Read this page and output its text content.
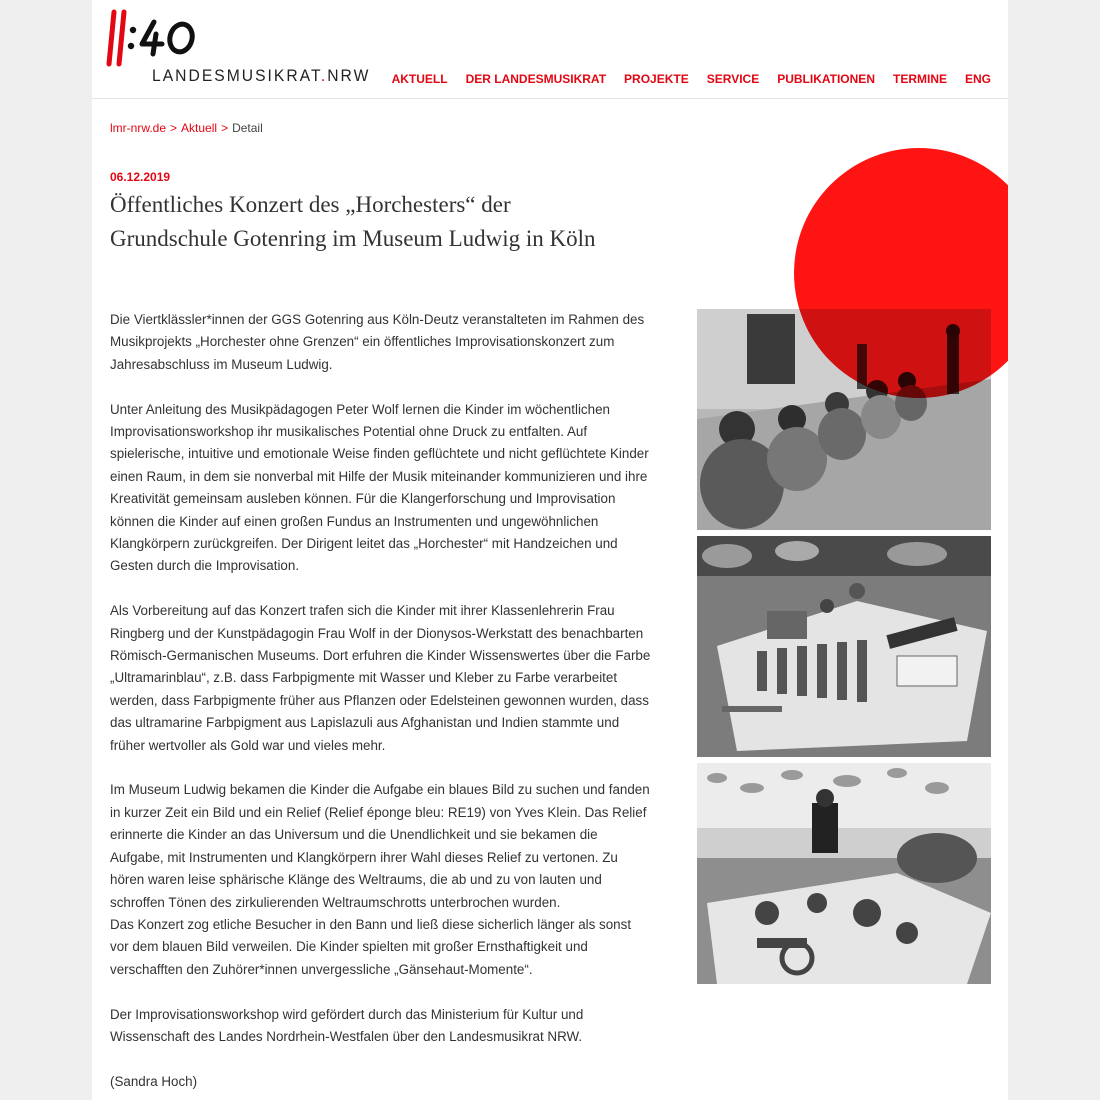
LANDESMUSIKRAT.NRW AKTUELL DER LANDESMUSIKRAT PROJEKTE SERVICE PUBLIKATIONEN TERMINE ENG
lmr-nrw.de > Aktuell > Detail
06.12.2019
Öffentliches Konzert des „Horchesters“ der
Grundschule Gotenring im Museum Ludwig in Köln

Die Viertklässler*innen der GGS Gotenring aus Köln-Deutz veranstalteten im Rahmen des Musikprojekts „Horchester ohne Grenzen“ ein öffentliches Improvisationskonzert zum Jahresabschluss im Museum Ludwig.

Unter Anleitung des Musikpädagogen Peter Wolf lernen die Kinder im wöchentlichen Improvisationsworkshop ihr musikalisches Potential ohne Druck zu entfalten. Auf spielerische, intuitive und emotionale Weise finden geflüchtete und nicht geflüchtete Kinder einen Raum, in dem sie nonverbal mit Hilfe der Musik miteinander kommunizieren und ihre Kreativität gemeinsam ausleben können. Für die Klangerforschung und Improvisation können die Kinder auf einen großen Fundus an Instrumenten und ungewöhnlichen Klangkörpern zurückgreifen. Der Dirigent leitet das „Horchester“ mit Handzeichen und Gesten durch die Improvisation.

Als Vorbereitung auf das Konzert trafen sich die Kinder mit ihrer Klassenlehrerin Frau Ringberg und der Kunstpädagogin Frau Wolf in der Dionysos-Werkstatt des benachbarten Römisch-Germanischen Museums. Dort erfuhren die Kinder Wissenswertes über die Farbe „Ultramarinblau“, z.B. dass Farbpigmente mit Wasser und Kleber zu Farbe verarbeitet werden, dass Farbpigmente früher aus Pflanzen oder Edelsteinen gewonnen wurden, dass das ultramarine Farbpigment aus Lapislazuli aus Afghanistan und Indien stammte und früher wertvoller als Gold war und vieles mehr.

Im Museum Ludwig bekamen die Kinder die Aufgabe ein blaues Bild zu suchen und fanden in kurzer Zeit ein Bild und ein Relief (Relief éponge bleu: RE19) von Yves Klein. Das Relief erinnerte die Kinder an das Universum und die Unendlichkeit und sie bekamen die Aufgabe, mit Instrumenten und Klangkörpern ihrer Wahl dieses Relief zu vertonen. Zu hören waren leise sphärische Klänge des Weltraums, die ab und zu von lauten und schroffen Tönen des zirkulierenden Weltraumschrotts unterbrochen wurden.

Das Konzert zog etliche Besucher in den Bann und ließ diese sicherlich länger als sonst vor dem blauen Bild verweilen. Die Kinder spielten mit großer Ernsthaftigkeit und verschafften den Zuhörer*innen unvergessliche „Gänsehaut-Momente“.

Der Improvisationsworkshop wird gefördert durch das Ministerium für Kultur und Wissenschaft des Landes Nordrhein-Westfalen über den Landesmusikrat NRW.

(Sandra Hoch)
